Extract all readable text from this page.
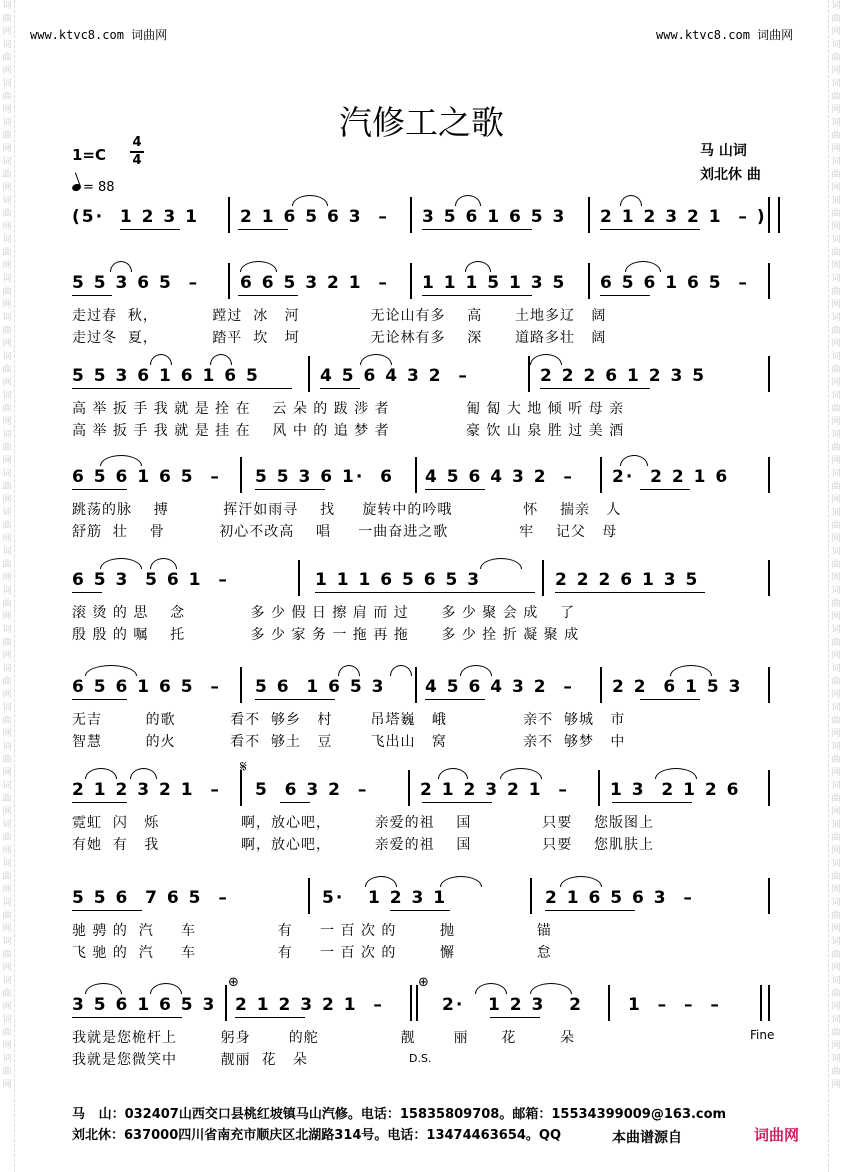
词曲网词曲网词曲网词曲网词曲网词曲网词曲网词曲网词曲网词曲网词曲网词曲网词曲网词曲网词曲网词曲网词曲网词曲网词曲网词曲网词曲网词曲网词曲网词曲网词曲网词曲网词曲网词曲网
词曲网词曲网词曲网词曲网词曲网词曲网词曲网词曲网词曲网词曲网词曲网词曲网词曲网词曲网词曲网词曲网词曲网词曲网词曲网词曲网词曲网词曲网词曲网词曲网词曲网词曲网词曲网词曲网
www.ktvc8.com 词曲网	www.ktvc8.com 词曲网
汽修工之歌
1=C
4
4
= 88
马 山词
刘北休 曲
(5·  1 2 3 1 2 1 6 5 6 3  – 3 5 6 1 6 5 3 2 1 2 3 2 1  – )
5 5 3 6 5  – 6 6 5 3 2 1  – 1 1 1 5 1 3 5 6 5 6 1 6 5  –
走过春  秋，          蹚过  冰   河             无论山有多    高      土地多辽   阔
走过冬  夏，          踏平  坎   坷             无论林有多    深      道路多壮   阔
5 5 3 6 1 6 1 6 5	4 5 6 4 3 2  –	2 2 2 6 1 2 3 5
高 举 扳 手 我 就 是 拴 在    云 朵 的 跋 涉 者              匍 匐 大 地 倾 听 母 亲
高 举 扳 手 我 就 是 挂 在    风 中 的 追 梦 者              豪 饮 山 泉 胜 过 美 酒
6 5 6 1 6 5  – 5 5 3 6 1·  6 4 5 6 4 3 2  – 2·  2 2 1 6
跳荡的脉    搏          挥汗如雨寻    找     旋转中的吟哦             怀    揣亲   人
舒筋  壮    骨          初心不改高    唱     一曲奋进之歌             牢    记父   母
6 5 3  5 6 1  –	1 1 1 6 5 6 5 3	2 2 2 6 1 3 5
滚 烫 的 思    念            多 少 假 日 擦 肩 而 过      多 少 聚 会 成    了
殷 殷 的 嘱    托            多 少 家 务 一 拖 再 拖      多 少 拴 折 凝 聚 成
6 5 6 1 6 5  – 5 6  1 6 5 3 4 5 6 4 3 2  – 2 2  6 1 5 3
无吉        的歌          看不  够乡   村       吊塔巍   峨              亲不  够城   市
智慧        的火          看不  够土   豆       飞出山   窝              亲不  够梦   中
2 1 2 3 2 1  – 5  6 3 2  –	2 1 2 3 2 1  – 1 3  2 1 2 6
霓虹  闪   烁               啊，放心吧，        亲爱的祖    国             只要    您版图上
有她  有   我               啊，放心吧，        亲爱的祖    国             只要    您肌肤上
5 5 6  7 6 5  –	5·   1 2 3 1	2 1 6 5 6 3  –
驰 骋 的  汽     车               有     一 百 次 的        抛               锚
飞 驰 的  汽     车               有     一 百 次 的        懈               怠
3 5 6 1 6 5 3 2 1 2 3 2 1  –	2·   1 2 3   2	1  –  –  –
我就是您桅杆上        躬身       的舵               靓       丽      花        朵
我就是您微笑中        靓丽  花   朵
𝄋
⊕	⊕
D.S.
Fine
马   山：032407山西交口县桃红坡镇马山汽修。电话：15835809708。邮箱：15534399009@163.com
刘北休：637000四川省南充市顺庆区北湖路314号。电话：13474463654。QQ	本曲谱源自	词曲网
